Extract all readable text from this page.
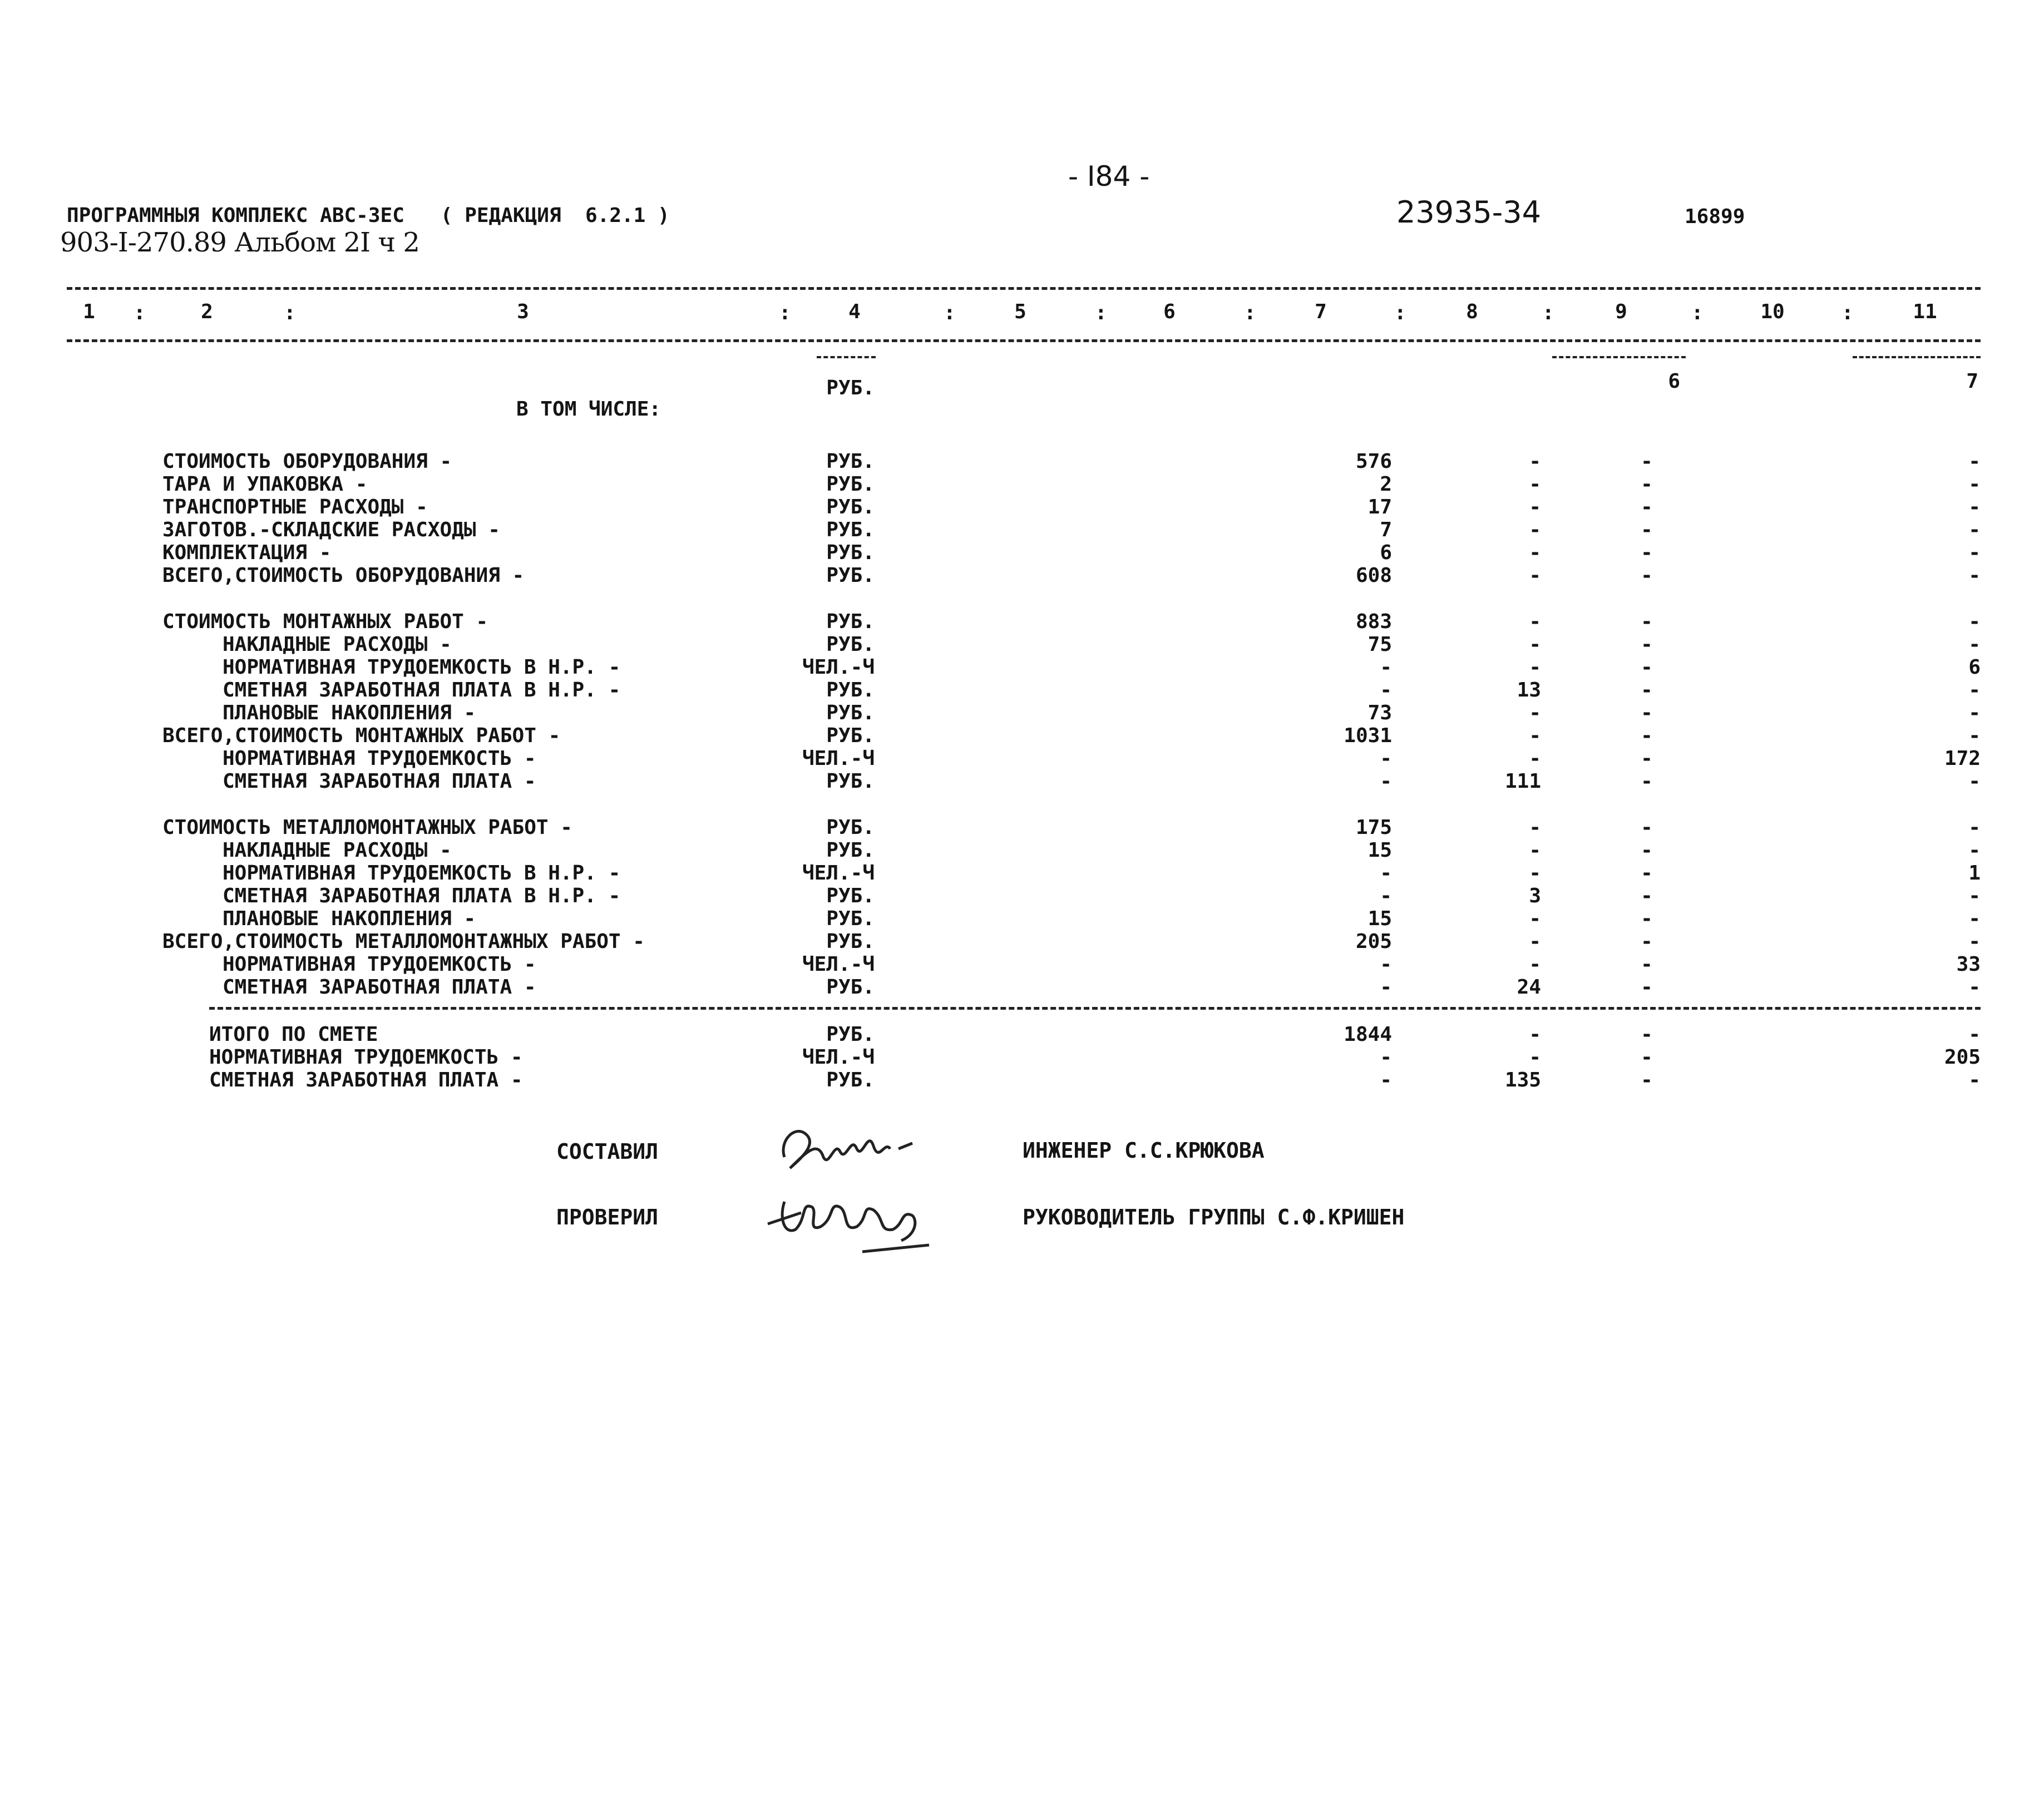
- I84 -
ПРОГРАММНЫЯ КОМПЛЕКС АВС-3ЕС   ( РЕДАКЦИЯ  6.2.1 )
903-I-270.89 Альбом 2I ч 2
23935-34	16899
1	2	3	4	5	6	7	8	9	10	11
:	:	:	:	:	:	:	:	:	:
РУБ.	6	7
В ТОМ ЧИСЛЕ:
СТОИМОСТЬ ОБОРУДОВАНИЯ -	РУБ.	576	-	-	-
ТАРА И УПАКОВКА -	РУБ.	2	-	-	-
ТРАНСПОРТНЫЕ РАСХОДЫ -	РУБ.	17	-	-	-
ЗАГОТОВ.-СКЛАДСКИЕ РАСХОДЫ -	РУБ.	7	-	-	-
КОМПЛЕКТАЦИЯ -	РУБ.	6	-	-	-
ВСЕГО,СТОИМОСТЬ ОБОРУДОВАНИЯ -	РУБ.	608	-	-	-
СТОИМОСТЬ МОНТАЖНЫХ РАБОТ -	РУБ.	883	-	-	-
НАКЛАДНЫЕ РАСХОДЫ -	РУБ.	75	-	-	-
НОРМАТИВНАЯ ТРУДОЕМКОСТЬ В Н.Р. -	ЧЕЛ.-Ч	-	-	-	6
СМЕТНАЯ ЗАРАБОТНАЯ ПЛАТА В Н.Р. -	РУБ.	-	13	-	-
ПЛАНОВЫЕ НАКОПЛЕНИЯ -	РУБ.	73	-	-	-
ВСЕГО,СТОИМОСТЬ МОНТАЖНЫХ РАБОТ -	РУБ.	1031	-	-	-
НОРМАТИВНАЯ ТРУДОЕМКОСТЬ -	ЧЕЛ.-Ч	-	-	-	172
СМЕТНАЯ ЗАРАБОТНАЯ ПЛАТА -	РУБ.	-	111	-	-
СТОИМОСТЬ МЕТАЛЛОМОНТАЖНЫХ РАБОТ -	РУБ.	175	-	-	-
НАКЛАДНЫЕ РАСХОДЫ -	РУБ.	15	-	-	-
НОРМАТИВНАЯ ТРУДОЕМКОСТЬ В Н.Р. -	ЧЕЛ.-Ч	-	-	-	1
СМЕТНАЯ ЗАРАБОТНАЯ ПЛАТА В Н.Р. -	РУБ.	-	3	-	-
ПЛАНОВЫЕ НАКОПЛЕНИЯ -	РУБ.	15	-	-	-
ВСЕГО,СТОИМОСТЬ МЕТАЛЛОМОНТАЖНЫХ РАБОТ -	РУБ.	205	-	-	-
НОРМАТИВНАЯ ТРУДОЕМКОСТЬ -	ЧЕЛ.-Ч	-	-	-	33
СМЕТНАЯ ЗАРАБОТНАЯ ПЛАТА -	РУБ.	-	24	-	-
ИТОГО ПО СМЕТЕ	РУБ.	1844	-	-	-
НОРМАТИВНАЯ ТРУДОЕМКОСТЬ -	ЧЕЛ.-Ч	-	-	-	205
СМЕТНАЯ ЗАРАБОТНАЯ ПЛАТА -	РУБ.	-	135	-	-
СОСТАВИЛ	ИНЖЕНЕР С.С.КРЮКОВА
ПРОВЕРИЛ	РУКОВОДИТЕЛЬ ГРУППЫ С.Ф.КРИШЕН
